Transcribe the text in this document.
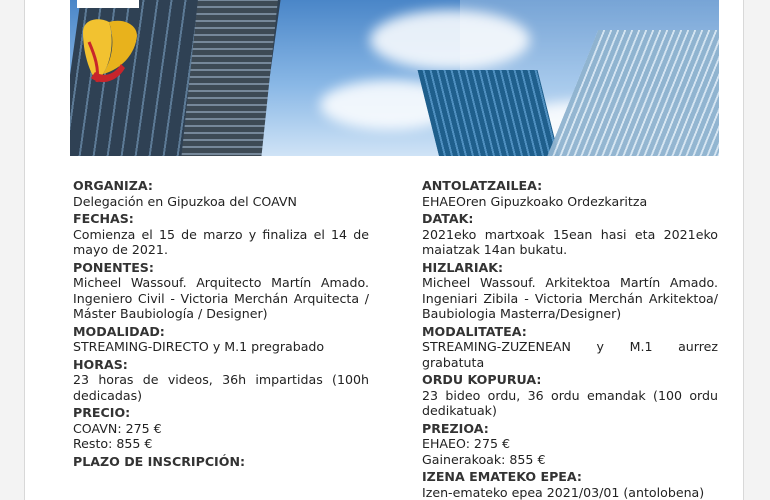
ORGANIZA:
Delegación en Gipuzkoa del COAVN
FECHAS:
Comienza el 15 de marzo y finaliza el 14 de mayo de 2021.
PONENTES:
Micheel Wassouf. Arquitecto Martín Amado. Ingeniero Civil - Victoria Merchán Arquitecta / Máster Baubiología / Designer)
MODALIDAD:
STREAMING-DIRECTO y M.1 pregrabado
HORAS:
23 horas de videos, 36h impartidas (100h dedicadas)
PRECIO:
COAVN: 275 €
Resto: 855 €
PLAZO DE INSCRIPCIÓN:
ANTOLATZAILEA:
EHAEOren Gipuzkoako Ordezkaritza
DATAK:
2021eko martxoak 15ean hasi eta 2021eko maiatzak 14an bukatu.
HIZLARIAK:
Micheel Wassouf. Arkitektoa Martín Amado. Ingeniari Zibila - Victoria Merchán Arkitektoa/ Baubiologia Masterra/Designer)
MODALITATEA:
STREAMING-ZUZENEAN y M.1 aurrez grabatuta
ORDU KOPURUA:
23 bideo ordu, 36 ordu emandak (100 ordu dedikatuak)
PREZIOA:
EHAEO: 275 €
Gainerakoak: 855 €
IZENA EMATEKO EPEA:
Izen-emateko epea 2021/03/01 (antolobena)
